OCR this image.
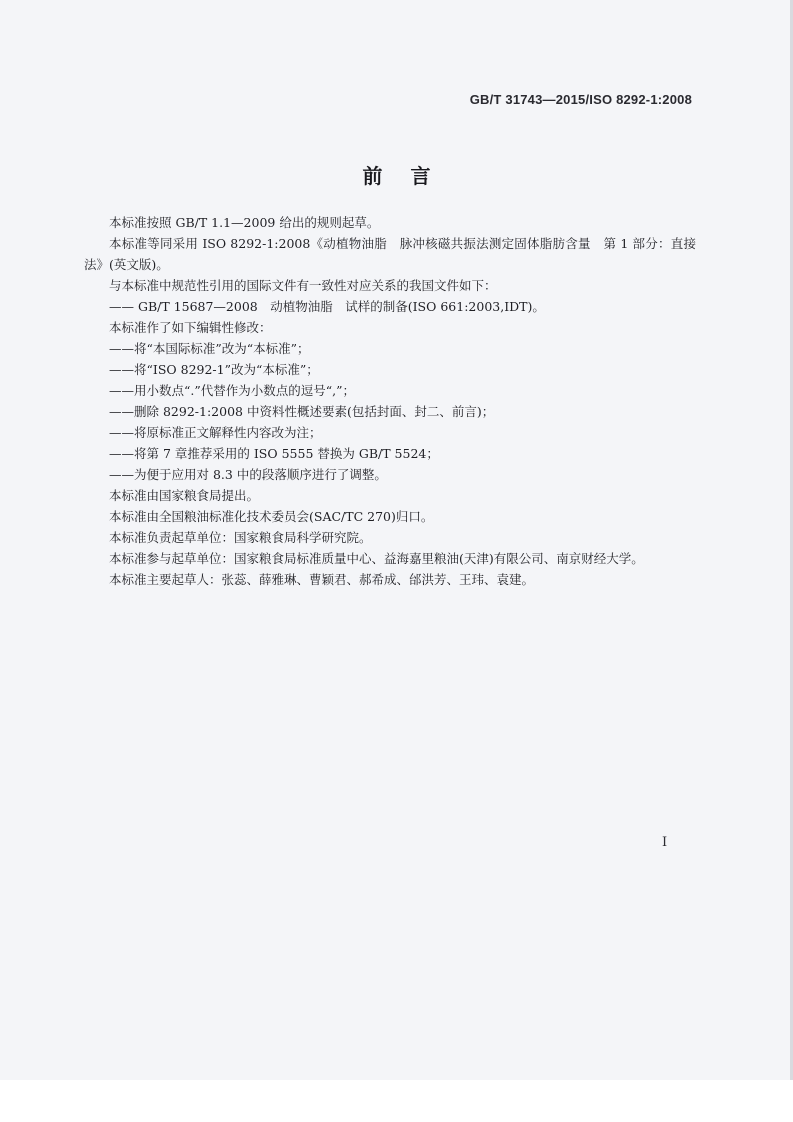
GB/T 31743—2015/ISO 8292-1:2008
前言

本标准按照 GB/T 1.1—2009 给出的规则起草。

本标准等同采用 ISO 8292-1:2008《动植物油脂　脉冲核磁共振法测定固体脂肪含量　第 1 部分：直接法》(英文版)。

与本标准中规范性引用的国际文件有一致性对应关系的我国文件如下：

—— GB/T 15687—2008　动植物油脂　试样的制备(ISO 661:2003,IDT)。

本标准作了如下编辑性修改：

——将“本国际标准”改为“本标准”；

——将“ISO 8292-1”改为“本标准”；

——用小数点“.”代替作为小数点的逗号“,”；

——删除 8292-1:2008 中资料性概述要素(包括封面、封二、前言)；

——将原标准正文解释性内容改为注；

——将第 7 章推荐采用的 ISO 5555 替换为 GB/T 5524；

——为便于应用对 8.3 中的段落顺序进行了调整。

本标准由国家粮食局提出。

本标准由全国粮油标准化技术委员会(SAC/TC 270)归口。

本标准负责起草单位：国家粮食局科学研究院。

本标准参与起草单位：国家粮食局标准质量中心、益海嘉里粮油(天津)有限公司、南京财经大学。

本标准主要起草人：张蕊、薛雅琳、曹颖君、郝希成、邰洪芳、王玮、袁建。

I
